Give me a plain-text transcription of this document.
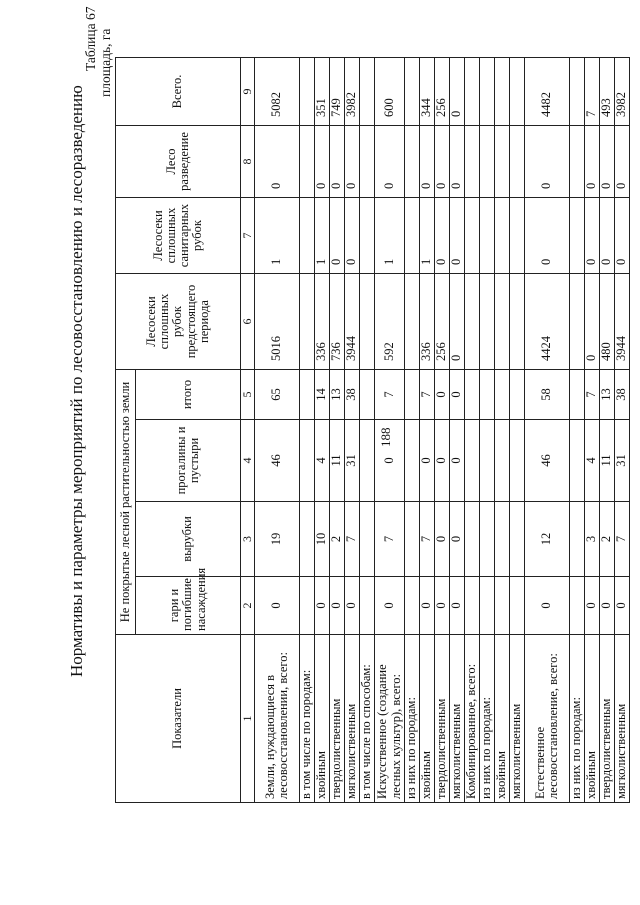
Нормативы и параметры мероприятий по лесовосстановлению и лесоразведению
Таблица 67 площадь, га
Показатели	Не покрытые лесной растительностью земли				Лесосеки сплошных рубок предстоящего периода	Лесосеки сплошных санитарных рубок	Лесо разведение	Всего.
	гари и погибшие насаждения	вырубки	прогалины и пустыри	итого				
1	2	3	4	5	6	7	8	9
Земли, нуждающиеся в лесовосстановлении, всего:	0	19	46	65	5016	1	0	5082
в том числе по породам:								
хвойным	0	10	4	14	336	1	0	351
твердолиственным	0	2	11	13	736	0	0	749
мягколиственным	0	7	31	38	3944	0	0	3982
в том числе по способам:								
Искусственное (создание лесных культур), всего:	0	7	0	7	592	1	0	600
из них по породам:								
хвойным	0	7	0	7	336	1	0	344
твердолиственным	0	0	0	0	256	0	0	256
мягколиственным	0	0	0	0	0	0	0	0
Комбинированное, всего:								
из них по породам:								
хвойным								
мягколиственным								
Естественное лесовосстановление, всего:	0	12	46	58	4424	0	0	4482
из них по породам:								
хвойным	0	3	4	7	0	0	0	7
твердолиственным	0	2	11	13	480	0	0	493
мягколиственным	0	7	31	38	3944	0	0	3982
188
